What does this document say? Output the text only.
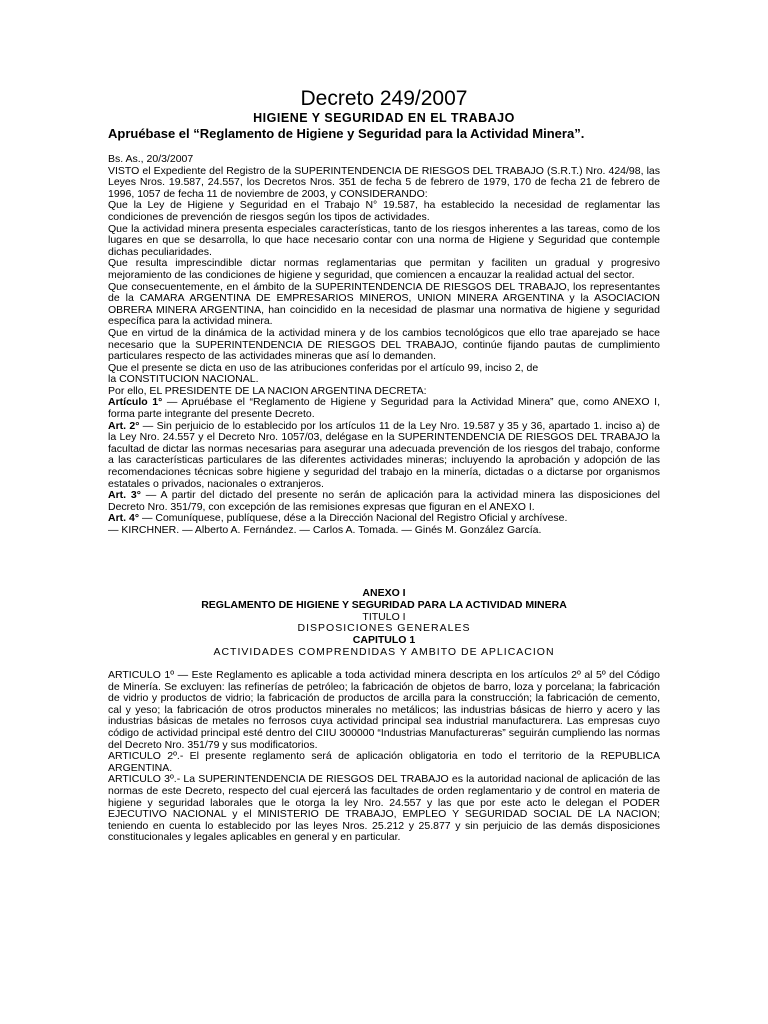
Decreto 249/2007
HIGIENE Y SEGURIDAD EN EL TRABAJO
Apruébase el “Reglamento de Higiene y Seguridad para la Actividad Minera”.

Bs. As., 20/3/2007

VISTO el Expediente del Registro de la SUPERINTENDENCIA DE RIESGOS DEL TRABAJO (S.R.T.) Nro. 424/98, las Leyes Nros. 19.587, 24.557, los Decretos Nros. 351 de fecha 5 de febrero de 1979, 170 de fecha 21 de febrero de 1996, 1057 de fecha 11 de noviembre de 2003, y CONSIDERANDO:

Que la Ley de Higiene y Seguridad en el Trabajo N° 19.587, ha establecido la necesidad de reglamentar las condiciones de prevención de riesgos según los tipos de actividades.

Que la actividad minera presenta especiales características, tanto de los riesgos inherentes a las tareas, como de los lugares en que se desarrolla, lo que hace necesario contar con una norma de Higiene y Seguridad que contemple dichas peculiaridades.

Que resulta imprescindible dictar normas reglamentarias que permitan y faciliten un gradual y progresivo mejoramiento de las condiciones de higiene y seguridad, que comiencen a encauzar la realidad actual del sector.

Que consecuentemente, en el ámbito de la SUPERINTENDENCIA DE RIESGOS DEL TRABAJO, los representantes de la CAMARA ARGENTINA DE EMPRESARIOS MINEROS, UNION MINERA ARGENTINA y la ASOCIACION OBRERA MINERA ARGENTINA, han coincidido en la necesidad de plasmar una normativa de higiene y seguridad específica para la actividad minera.

Que en virtud de la dinámica de la actividad minera y de los cambios tecnológicos que ello trae aparejado se hace necesario que la SUPERINTENDENCIA DE RIESGOS DEL TRABAJO, continúe fijando pautas de cumplimiento particulares respecto de las actividades mineras que así lo demanden.

Que el presente se dicta en uso de las atribuciones conferidas por el artículo 99, inciso 2, de

la CONSTITUCION NACIONAL.

Por ello, EL PRESIDENTE DE LA NACION ARGENTINA DECRETA:

Artículo 1° — Apruébase el “Reglamento de Higiene y Seguridad para la Actividad Minera” que, como ANEXO I, forma parte integrante del presente Decreto.

Art. 2° — Sin perjuicio de lo establecido por los artículos 11 de la Ley Nro. 19.587 y 35 y 36, apartado 1. inciso a) de la Ley Nro. 24.557 y el Decreto Nro. 1057/03, delégase en la SUPERINTENDENCIA DE RIESGOS DEL TRABAJO la facultad de dictar las normas necesarias para asegurar una adecuada prevención de los riesgos del trabajo, conforme a las características particulares de las diferentes actividades mineras; incluyendo la aprobación y adopción de las recomendaciones técnicas sobre higiene y seguridad del trabajo en la minería, dictadas o a dictarse por organismos estatales o privados, nacionales o extranjeros.

Art. 3° — A partir del dictado del presente no serán de aplicación para la actividad minera las disposiciones del Decreto Nro. 351/79, con excepción de las remisiones expresas que figuran en el ANEXO I.

Art. 4° — Comuníquese, publíquese, dése a la Dirección Nacional del Registro Oficial y archívese.

— KIRCHNER. — Alberto A. Fernández. — Carlos A. Tomada. — Ginés M. González García.

ANEXO I
REGLAMENTO DE HIGIENE Y SEGURIDAD PARA LA ACTIVIDAD MINERA
TITULO I
DISPOSICIONES GENERALES
CAPITULO 1
ACTIVIDADES COMPRENDIDAS Y AMBITO DE APLICACION

ARTICULO 1º — Este Reglamento es aplicable a toda actividad minera descripta en los artículos 2º al 5º del Código de Minería. Se excluyen: las refinerías de petróleo; la fabricación de objetos de barro, loza y porcelana; la fabricación de vidrio y productos de vidrio; la fabricación de productos de arcilla para la construcción; la fabricación de cemento, cal y yeso; la fabricación de otros productos minerales no metálicos; las industrias básicas de hierro y acero y las industrias básicas de metales no ferrosos cuya actividad principal sea industrial manufacturera. Las empresas cuyo código de actividad principal esté dentro del CIIU 300000 “Industrias Manufactureras” seguirán cumpliendo las normas del Decreto Nro. 351/79 y sus modificatorios.

ARTICULO 2º.- El presente reglamento será de aplicación obligatoria en todo el territorio de la REPUBLICA ARGENTINA.

ARTICULO 3º.- La SUPERINTENDENCIA DE RIESGOS DEL TRABAJO es la autoridad nacional de aplicación de las normas de este Decreto, respecto del cual ejercerá las facultades de orden reglamentario y de control en materia de higiene y seguridad laborales que le otorga la ley Nro. 24.557 y las que por este acto le delegan el PODER EJECUTIVO NACIONAL y el MINISTERIO DE TRABAJO, EMPLEO Y SEGURIDAD SOCIAL DE LA NACION; teniendo en cuenta lo establecido por las leyes Nros. 25.212 y 25.877 y sin perjuicio de las demás disposiciones constitucionales y legales aplicables en general y en particular.
